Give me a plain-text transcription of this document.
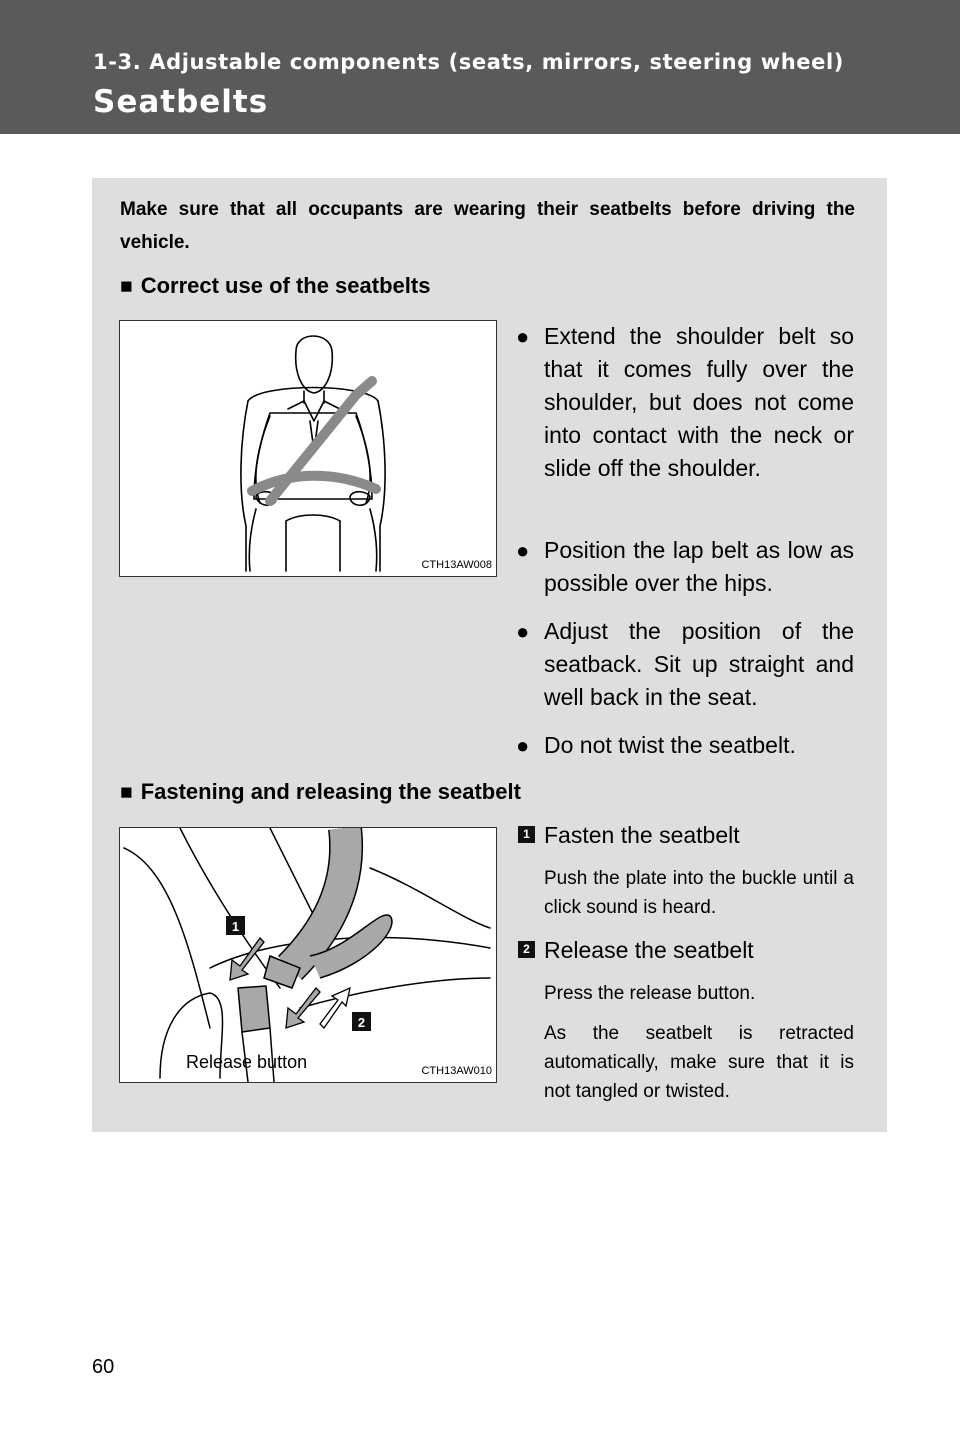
1-3. Adjustable components (seats, mirrors, steering wheel)
Seatbelts
Make sure that all occupants are wearing their seatbelts before driving the vehicle.
■ Correct use of the seatbelts
CTH13AW008
● Extend the shoulder belt so that it comes fully over the shoulder, but does not come into contact with the neck or slide off the shoulder.
● Position the lap belt as low as possible over the hips.
● Adjust the position of the seatback. Sit up straight and well back in the seat.
● Do not twist the seatbelt.
■ Fastening and releasing the seatbelt
1
2
Release button	CTH13AW010
1 Fasten the seatbelt
Push the plate into the buckle until a click sound is heard.
2 Release the seatbelt
Press the release button.
As the seatbelt is retracted automatically, make sure that it is not tangled or twisted.
60
